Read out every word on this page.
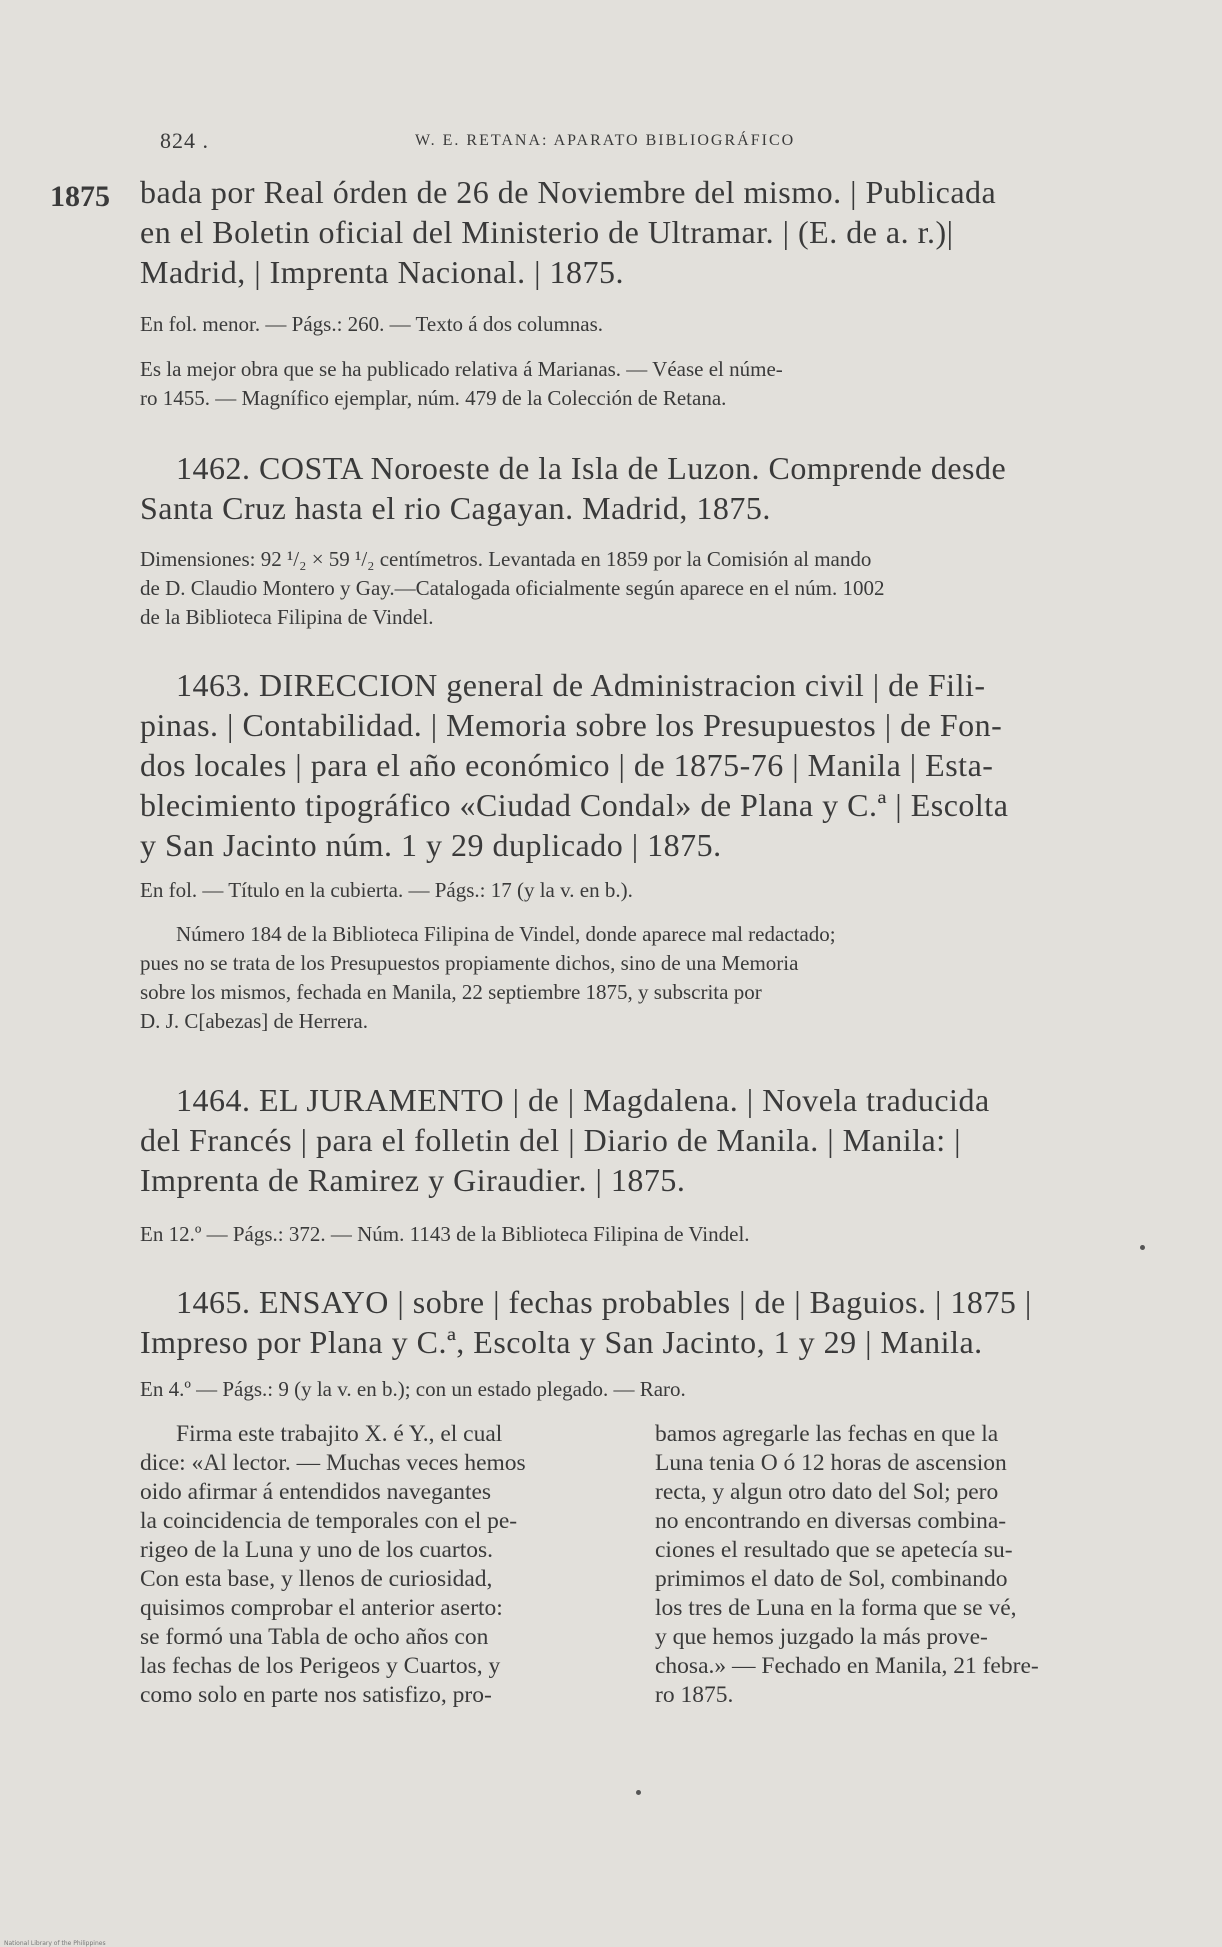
824 .	W. E. RETANA: APARATO BIBLIOGRÁFICO
1875 bada por Real órden de 26 de Noviembre del mismo. | Publicada
en el Boletin oficial del Ministerio de Ultramar. | (E. de a. r.)|
Madrid, | Imprenta Nacional. | 1875.
En fol. menor. — Págs.: 260. — Texto á dos columnas.
Es la mejor obra que se ha publicado relativa á Marianas. — Véase el núme-
ro 1455. — Magnífico ejemplar, núm. 479 de la Colección de Retana.
1462. COSTA Noroeste de la Isla de Luzon. Comprende desde
Santa Cruz hasta el rio Cagayan. Madrid, 1875.
Dimensiones: 92 ¹/₂ × 59 ¹/₂ centímetros. Levantada en 1859 por la Comisión al mando
de D. Claudio Montero y Gay.—Catalogada oficialmente según aparece en el núm. 1002
de la Biblioteca Filipina de Vindel.
1463. DIRECCION general de Administracion civil | de Fili-
pinas. | Contabilidad. | Memoria sobre los Presupuestos | de Fon-
dos locales | para el año económico | de 1875-76 | Manila | Esta-
blecimiento tipográfico «Ciudad Condal» de Plana y C.ª | Escolta
y San Jacinto núm. 1 y 29 duplicado | 1875.
En fol. — Título en la cubierta. — Págs.: 17 (y la v. en b.).
Número 184 de la Biblioteca Filipina de Vindel, donde aparece mal redactado;
pues no se trata de los Presupuestos propiamente dichos, sino de una Memoria
sobre los mismos, fechada en Manila, 22 septiembre 1875, y subscrita por
D. J. C[abezas] de Herrera.
1464. EL JURAMENTO | de | Magdalena. | Novela traducida
del Francés | para el folletin del | Diario de Manila. | Manila: |
Imprenta de Ramirez y Giraudier. | 1875.
En 12.º — Págs.: 372. — Núm. 1143 de la Biblioteca Filipina de Vindel.
1465. ENSAYO | sobre | fechas probables | de | Baguios. | 1875 |
Impreso por Plana y C.ª, Escolta y San Jacinto, 1 y 29 | Manila.
En 4.º — Págs.: 9 (y la v. en b.); con un estado plegado. — Raro.
Firma este trabajito X. é Y., el cual
dice: «Al lector. — Muchas veces hemos
oido afirmar á entendidos navegantes
la coincidencia de temporales con el pe-
rigeo de la Luna y uno de los cuartos.
Con esta base, y llenos de curiosidad,
quisimos comprobar el anterior aserto:
se formó una Tabla de ocho años con
las fechas de los Perigeos y Cuartos, y
como solo en parte nos satisfizo, pro-
bamos agregarle las fechas en que la
Luna tenia O ó 12 horas de ascension
recta, y algun otro dato del Sol; pero
no encontrando en diversas combina-
ciones el resultado que se apetecía su-
primimos el dato de Sol, combinando
los tres de Luna en la forma que se vé,
y que hemos juzgado la más prove-
chosa.» — Fechado en Manila, 21 febre-
ro 1875.
National Library of the Philippines
